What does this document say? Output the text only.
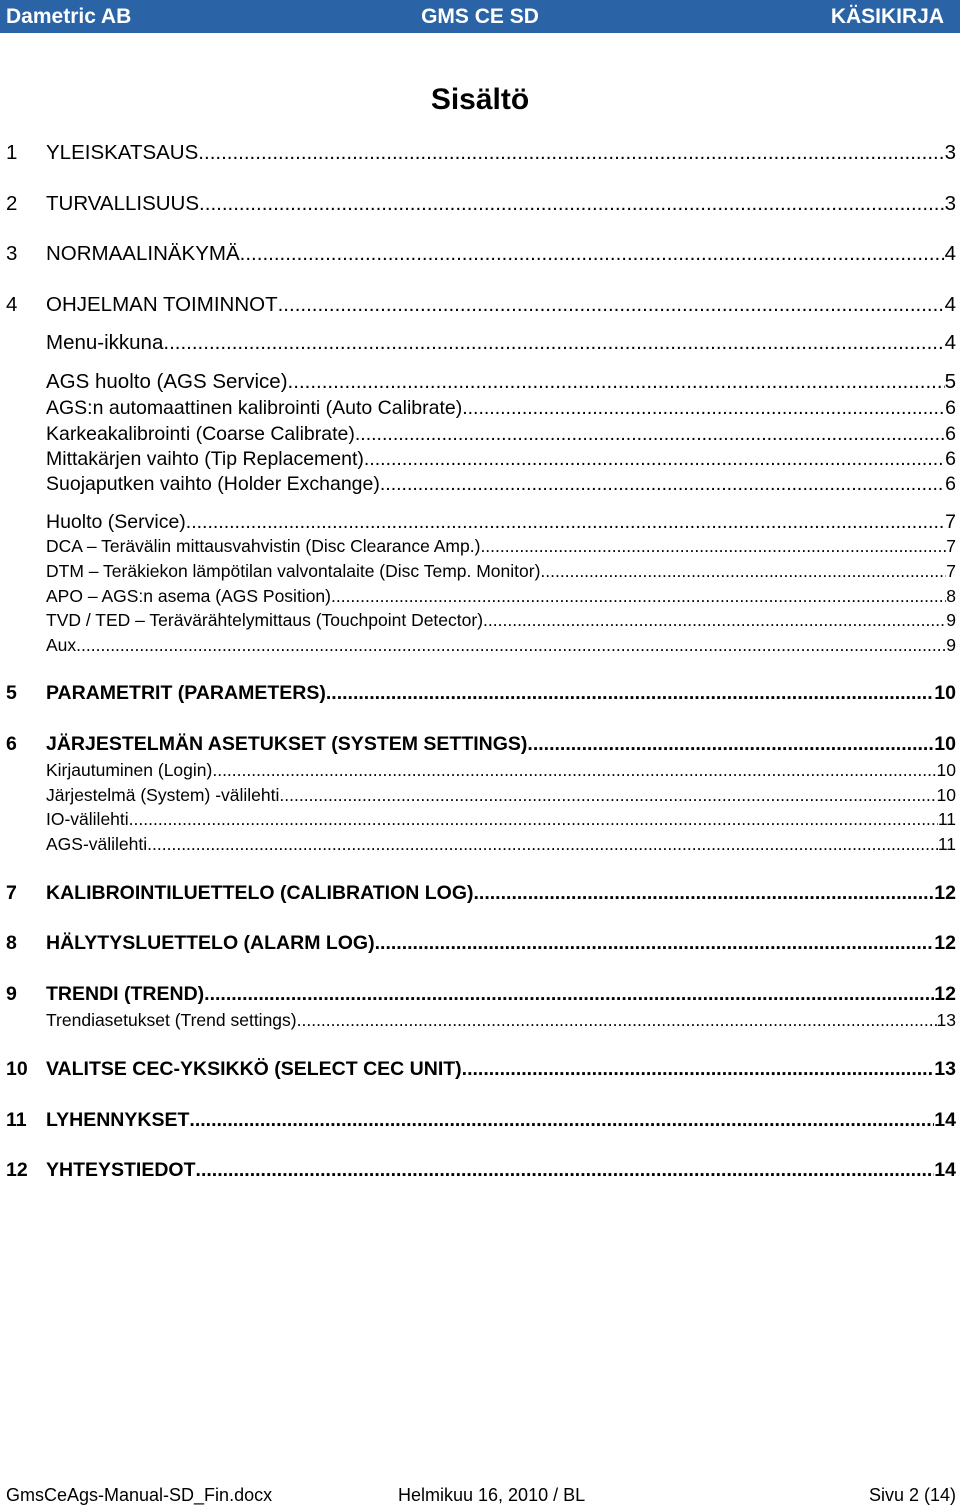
Dametric AB	GMS CE SD	KÄSIKIRJA
Sisältö
1 YLEISKATSAUS .....	3
2 TURVALLISUUS .....	3
3 NORMAALINÄKYMÄ .....	4
4 OHJELMAN TOIMINNOT .....	4
Menu-ikkuna .....	4
AGS huolto (AGS Service) .....	5
AGS:n automaattinen kalibrointi (Auto Calibrate) .....	6
Karkeakalibrointi (Coarse Calibrate) .....	6
Mittakärjen vaihto (Tip Replacement) .....	6
Suojaputken vaihto (Holder Exchange) .....	6
Huolto (Service) .....	7
DCA – Terävälin mittausvahvistin (Disc Clearance Amp.) .....	7
DTM – Teräkiekon lämpötilan valvontalaite (Disc Temp. Monitor) .....	7
APO – AGS:n asema (AGS Position) .....	8
TVD / TED – Terävärähtelymittaus (Touchpoint Detector) .....	9
Aux .....	9
5 PARAMETRIT (PARAMETERS) .....	10
6 JÄRJESTELMÄN ASETUKSET (SYSTEM SETTINGS) .....	10
Kirjautuminen (Login) .....	10
Järjestelmä (System) -välilehti .....	10
IO-välilehti .....	11
AGS-välilehti .....	11
7 KALIBROINTILUETTELO (CALIBRATION LOG) .....	12
8 HÄLYTYSLUETTELO (ALARM LOG) .....	12
9 TRENDI (TREND) .....	12
Trendiasetukset (Trend settings) .....	13
10 VALITSE CEC-YKSIKKÖ (SELECT CEC UNIT) .....	13
11 LYHENNYKSET .....	14
12 YHTEYSTIEDOT .....	14
GmsCeAgs-Manual-SD_Fin.docx	Helmikuu 16, 2010 / BL	Sivu 2 (14)
